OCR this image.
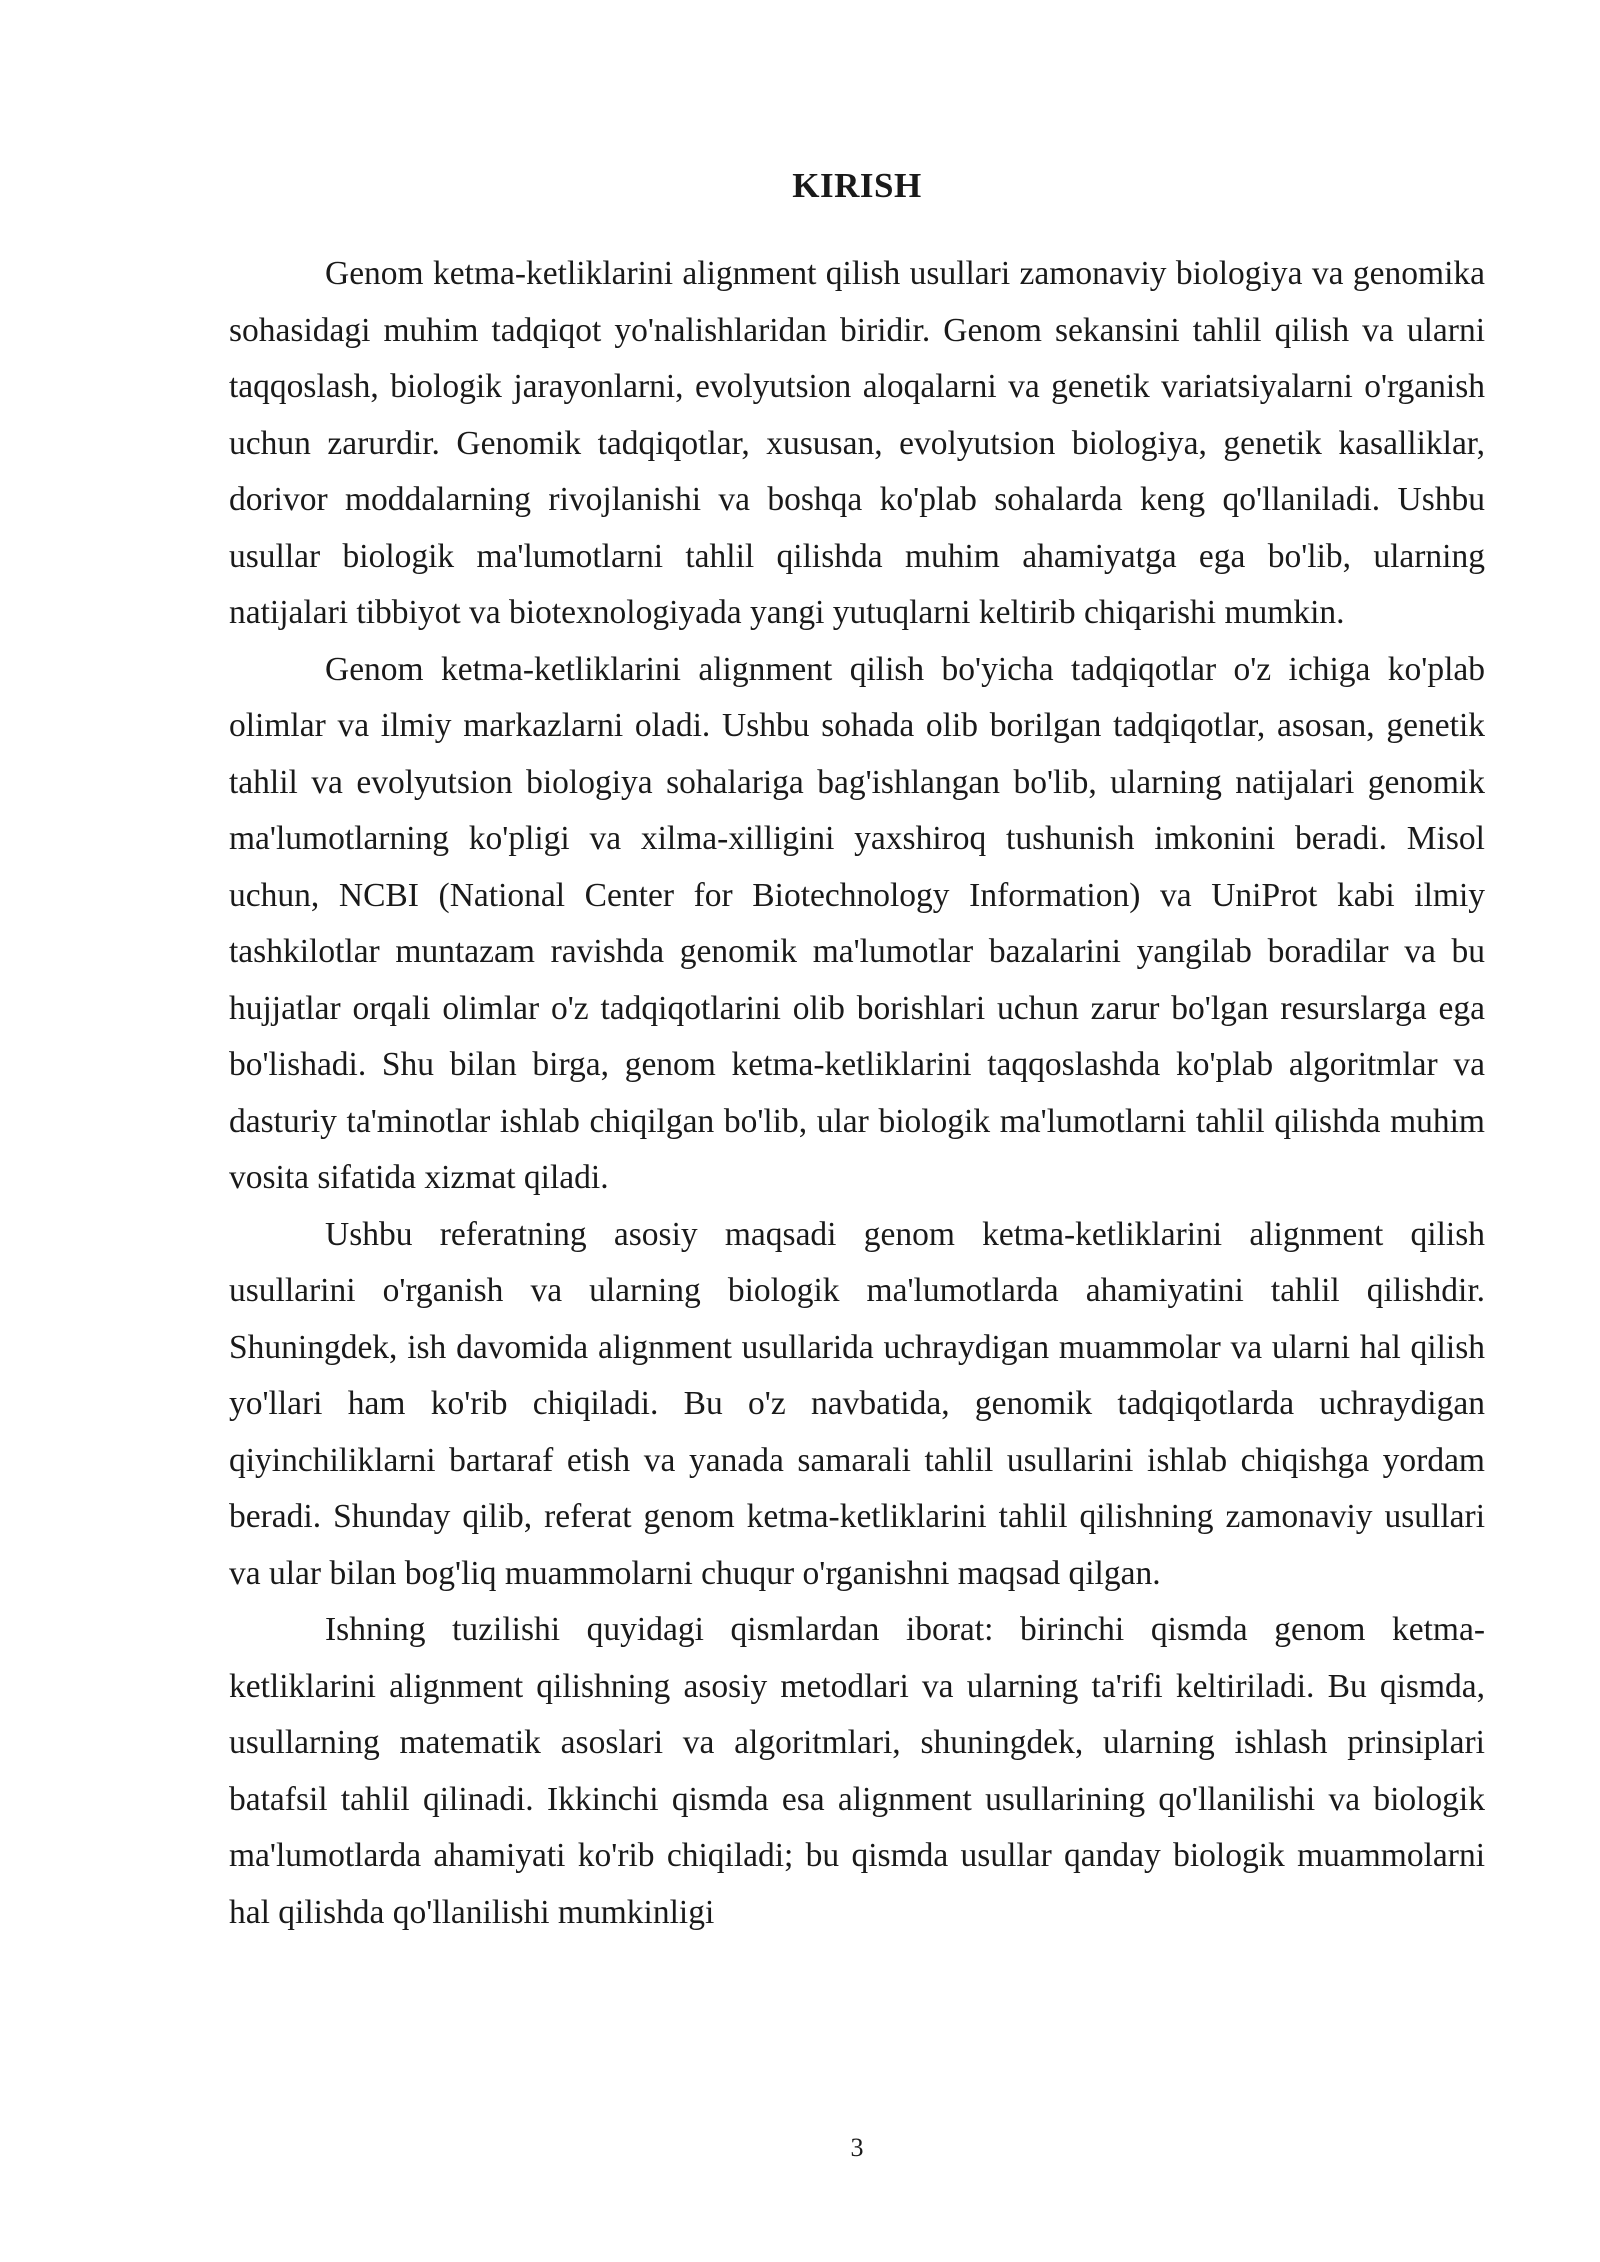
KIRISH

Genom ketma-ketliklarini alignment qilish usullari zamonaviy biologiya va genomika sohasidagi muhim tadqiqot yo'nalishlaridan biridir. Genom sekansini tahlil qilish va ularni taqqoslash, biologik jarayonlarni, evolyutsion aloqalarni va genetik variatsiyalarni o'rganish uchun zarurdir. Genomik tadqiqotlar, xususan, evolyutsion biologiya, genetik kasalliklar, dorivor moddalarning rivojlanishi va boshqa ko'plab sohalarda keng qo'llaniladi. Ushbu usullar biologik ma'lumotlarni tahlil qilishda muhim ahamiyatga ega bo'lib, ularning natijalari tibbiyot va biotexnologiyada yangi yutuqlarni keltirib chiqarishi mumkin.

Genom ketma-ketliklarini alignment qilish bo'yicha tadqiqotlar o'z ichiga ko'plab olimlar va ilmiy markazlarni oladi. Ushbu sohada olib borilgan tadqiqotlar, asosan, genetik tahlil va evolyutsion biologiya sohalariga bag'ishlangan bo'lib, ularning natijalari genomik ma'lumotlarning ko'pligi va xilma-xilligini yaxshiroq tushunish imkonini beradi. Misol uchun, NCBI (National Center for Biotechnology Information) va UniProt kabi ilmiy tashkilotlar muntazam ravishda genomik ma'lumotlar bazalarini yangilab boradilar va bu hujjatlar orqali olimlar o'z tadqiqotlarini olib borishlari uchun zarur bo'lgan resurslarga ega bo'lishadi. Shu bilan birga, genom ketma-ketliklarini taqqoslashda ko'plab algoritmlar va dasturiy ta'minotlar ishlab chiqilgan bo'lib, ular biologik ma'lumotlarni tahlil qilishda muhim vosita sifatida xizmat qiladi.

Ushbu referatning asosiy maqsadi genom ketma-ketliklarini alignment qilish usullarini o'rganish va ularning biologik ma'lumotlarda ahamiyatini tahlil qilishdir. Shuningdek, ish davomida alignment usullarida uchraydigan muammolar va ularni hal qilish yo'llari ham ko'rib chiqiladi. Bu o'z navbatida, genomik tadqiqotlarda uchraydigan qiyinchiliklarni bartaraf etish va yanada samarali tahlil usullarini ishlab chiqishga yordam beradi. Shunday qilib, referat genom ketma-ketliklarini tahlil qilishning zamonaviy usullari va ular bilan bog'liq muammolarni chuqur o'rganishni maqsad qilgan.

Ishning tuzilishi quyidagi qismlardan iborat: birinchi qismda genom ketma-ketliklarini alignment qilishning asosiy metodlari va ularning ta'rifi keltiriladi. Bu qismda, usullarning matematik asoslari va algoritmlari, shuningdek, ularning ishlash prinsiplari batafsil tahlil qilinadi. Ikkinchi qismda esa alignment usullarining qo'llanilishi va biologik ma'lumotlarda ahamiyati ko'rib chiqiladi; bu qismda usullar qanday biologik muammolarni hal qilishda qo'llanilishi mumkinligi

3
